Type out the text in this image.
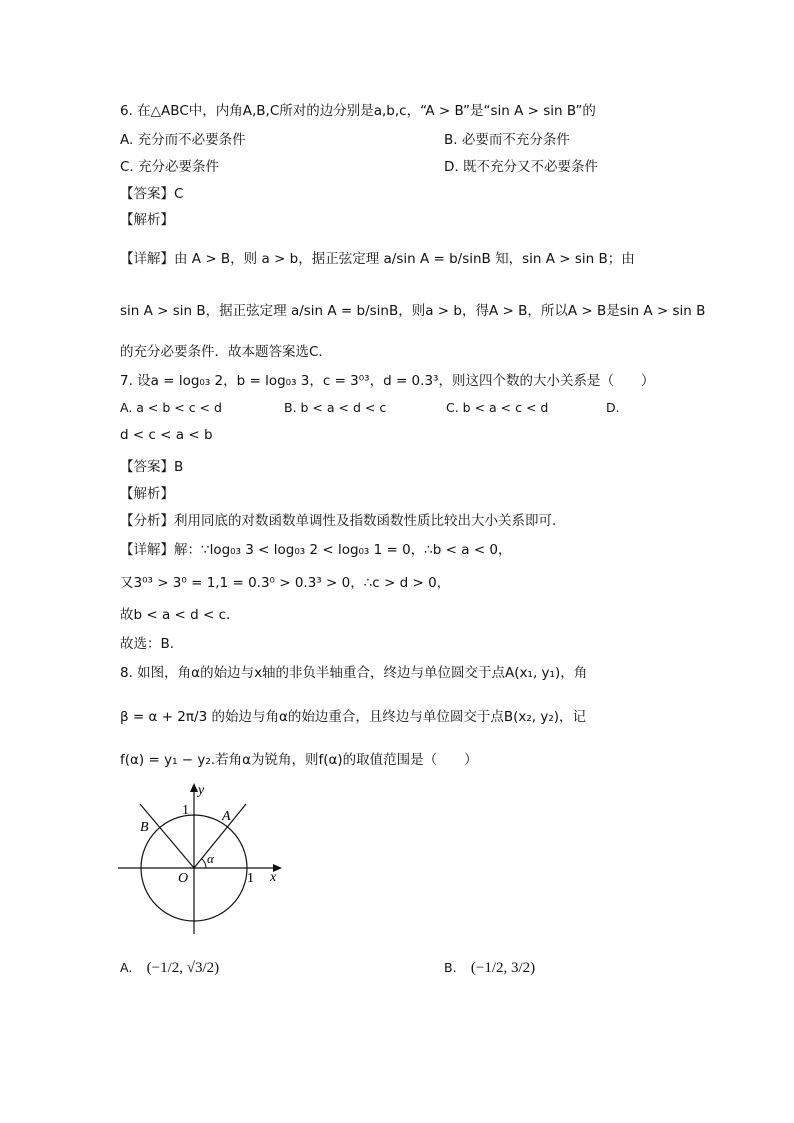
6. 在△ABC中，内角A,B,C所对的边分别是a,b,c，“A > B”是“sin A > sin B”的
A. 充分而不必要条件	B. 必要而不充分条件
C. 充分必要条件	D. 既不充分又不必要条件
【答案】C
【解析】
【详解】由 A > B，则 a > b，据正弦定理 a/sin A = b/sinB 知，sin A > sin B；由
sin A > sin B，据正弦定理 a/sin A = b/sinB，则a > b，得A > B，所以A > B是sin A > sin B
的充分必要条件．故本题答案选C．
7. 设a = log₀₃ 2，b = log₀₃ 3，c = 3⁰³，d = 0.3³，则这四个数的大小关系是（　　）
A. a < b < c < d	B. b < a < d < c	C. b < a < c < d	D.
d < c < a < b
【答案】B
【解析】
【分析】利用同底的对数函数单调性及指数函数性质比较出大小关系即可.
【详解】解：∵log₀₃ 3 < log₀₃ 2 < log₀₃ 1 = 0，∴b < a < 0，
又3⁰³ > 3⁰ = 1,1 = 0.3⁰ > 0.3³ > 0，∴c > d > 0，
故b < a < d < c．
故选：B.
8. 如图，角α的始边与x轴的非负半轴重合，终边与单位圆交于点A(x₁, y₁)，角
β = α + 2π/3 的始边与角α的始边重合，且终边与单位圆交于点B(x₂, y₂)，记
f(α) = y₁ − y₂.若角α为锐角，则f(α)的取值范围是（　　）
y
x
O
1
1
A
B
α
A. (−1/2, √3/2)	B. (−1/2, 3/2)
